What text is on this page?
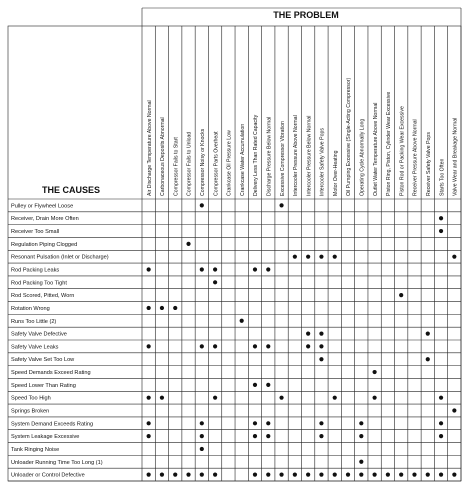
THE PROBLEM
THE CAUSES	Air Discharge Temperature Above Normal Carbonaceous Deposits Abnormal Compressor Fails to Start Compressor Fails to Unload Compressor Noisy or Knocks Compressor Parts Overheat Crankcase Oil Pressure Low Crankcase Water Accumulation Delivery Less Than Rated Capacity Discharge Pressure Below Normal Excessive Compressor Vibration Intercooler Pressure Above Normal Intercooler Pressure Below Normal Intercooler Safety Valve Pops Motor Over-Heating Oil Pumping Excessive (Single-Acting Compressor) Operating Cycle Abnormally Long Outlet Water Temperature Above Normal Piston Ring, Piston, Cylinder Wear Excessive Piston Rod or Packing Wear Excessive Receiver Pressure Above Normal Receiver Safety Valve Pops Starts Too Often Valve Wear and Breakage Normal
Pulley or Flywheel Loose
Receiver, Drain More Often
Receiver Too Small
Regulation Piping Clogged
Resonant Pulsation (Inlet or Discharge)
Rod Packing Leaks
Rod Packing Too Tight
Rod Scored, Pitted, Worn
Rotation Wrong
Runs Too Little (2)
Safety Valve Defective
Safety Valve Leaks
Safety Valve Set Too Low
Speed Demands Exceed Rating
Speed Lower Than Rating
Speed Too High
Springs Broken
System Demand Exceeds Rating
System Leakage Excessive
Tank Ringing Noise
Unloader Running Time Too Long (1)
Unloader or Control Defective
